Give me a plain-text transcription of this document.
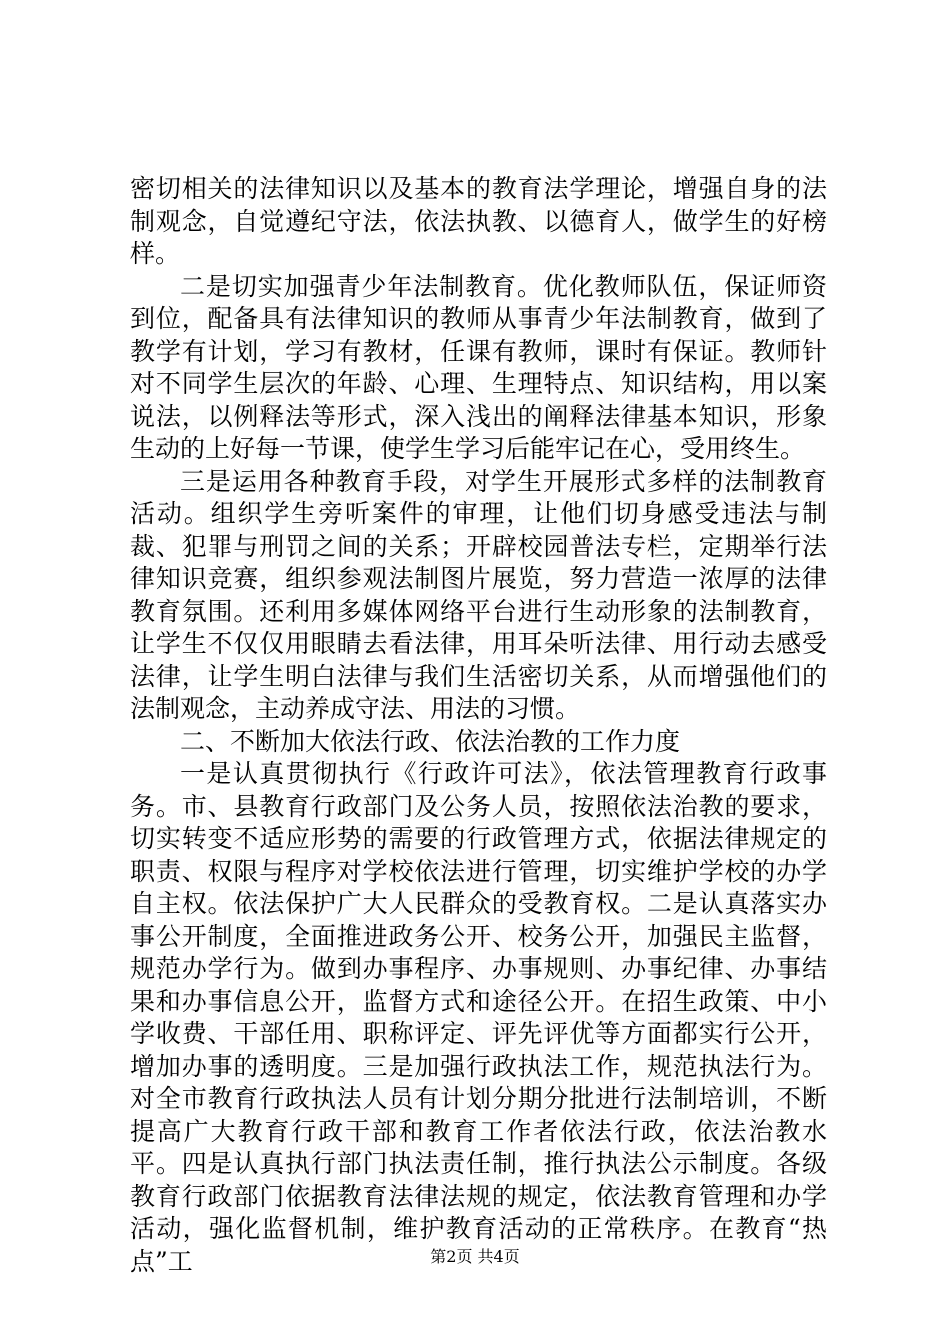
密切相关的法律知识以及基本的教育法学理论，增强自身的法制观念，自觉遵纪守法，依法执教、以德育人，做学生的好榜样。

二是切实加强青少年法制教育。优化教师队伍，保证师资到位，配备具有法律知识的教师从事青少年法制教育，做到了教学有计划，学习有教材，任课有教师，课时有保证。教师针对不同学生层次的年龄、心理、生理特点、知识结构，用以案说法，以例释法等形式，深入浅出的阐释法律基本知识，形象生动的上好每一节课，使学生学习后能牢记在心，受用终生。

三是运用各种教育手段，对学生开展形式多样的法制教育活动。组织学生旁听案件的审理，让他们切身感受违法与制裁、犯罪与刑罚之间的关系；开辟校园普法专栏，定期举行法律知识竞赛，组织参观法制图片展览，努力营造一浓厚的法律教育氛围。还利用多媒体网络平台进行生动形象的法制教育，让学生不仅仅用眼睛去看法律，用耳朵听法律、用行动去感受法律，让学生明白法律与我们生活密切关系，从而增强他们的法制观念，主动养成守法、用法的习惯。

二、不断加大依法行政、依法治教的工作力度

一是认真贯彻执行《行政许可法》，依法管理教育行政事务。市、县教育行政部门及公务人员，按照依法治教的要求，切实转变不适应形势的需要的行政管理方式，依据法律规定的职责、权限与程序对学校依法进行管理，切实维护学校的办学自主权。依法保护广大人民群众的受教育权。二是认真落实办事公开制度，全面推进政务公开、校务公开，加强民主监督，规范办学行为。做到办事程序、办事规则、办事纪律、办事结果和办事信息公开，监督方式和途径公开。在招生政策、中小学收费、干部任用、职称评定、评先评优等方面都实行公开，增加办事的透明度。三是加强行政执法工作，规范执法行为。对全市教育行政执法人员有计划分期分批进行法制培训，不断提高广大教育行政干部和教育工作者依法行政，依法治教水平。四是认真执行部门执法责任制，推行执法公示制度。各级教育行政部门依据教育法律法规的规定，依法教育管理和办学活动，强化监督机制，维护教育活动的正常秩序。在教育“热点”工	第2页 共4页
